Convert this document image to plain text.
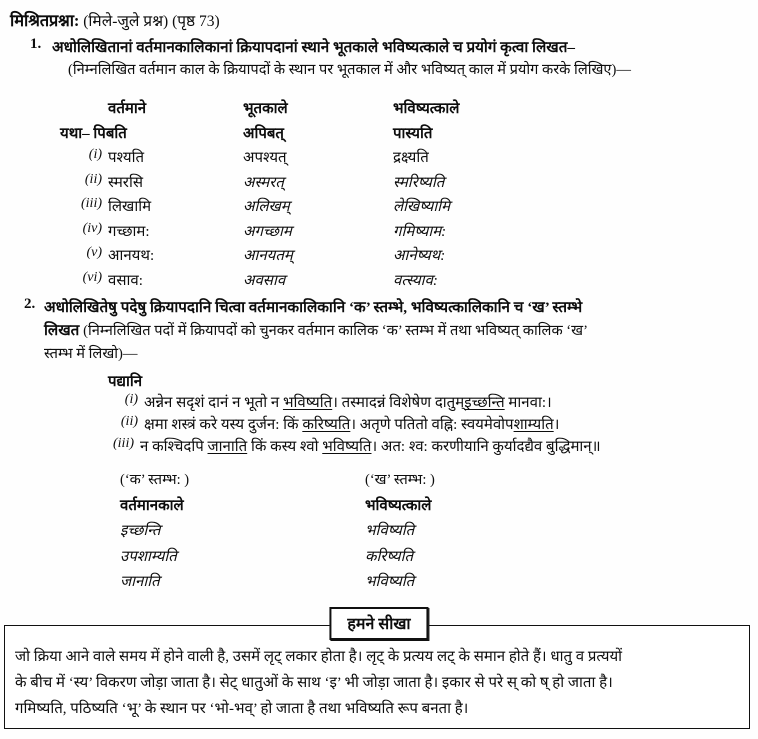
मिश्रितप्रश्ना: (मिले-जुले प्रश्न) (पृष्ठ 73)
1. अधोलिखितानां वर्तमानकालिकानां क्रियापदानां स्थाने भूतकाले भविष्यत्काले च प्रयोगं कृत्वा लिखत–
(निम्नलिखित वर्तमान काल के क्रियापदों के स्थान पर भूतकाल में और भविष्यत् काल में प्रयोग करके लिखिए)—
वर्तमाने	भूतकाले	भविष्यत्काले
यथा– पिबति	अपिबत्	पास्यति
(i) पश्यति	अपश्यत्	द्रक्ष्यति
(ii) स्मरसि	अस्मरत्	स्मरिष्यति
(iii) लिखामि	अलिखम्	लेखिष्यामि
(iv) गच्छाम:	अगच्छाम	गमिष्याम:
(v) आनयथ:	आनयतम्	आनेष्यथ:
(vi) वसाव:	अवसाव	वत्स्याव:
2. अधोलिखितेषु पदेषु क्रियापदानि चित्वा वर्तमानकालिकानि ‘क’ स्तम्भे, भविष्यत्कालिकानि च ‘ख’ स्तम्भे
लिखत (निम्नलिखित पदों में क्रियापदों को चुनकर वर्तमान कालिक ‘क’ स्तम्भ में तथा भविष्यत् कालिक ‘ख’
स्तम्भ में लिखो)—
पद्यानि
(i) अन्नेन सदृशं दानं न भूतो न भविष्यति। तस्मादन्नं विशेषेण दातुम्इच्छन्ति मानवा:।
(ii) क्षमा शस्त्रं करे यस्य दुर्जन: किं करिष्यति। अतृणे पतितो वह्नि: स्वयमेवोपशाम्यति।
(iii) न कश्चिदपि जानाति किं कस्य श्वो भविष्यति। अत: श्व: करणीयानि कुर्यादद्यैव बुद्धिमान्॥
(‘क’ स्तम्भ: )	(‘ख’ स्तम्भ: )
वर्तमानकाले	भविष्यत्काले
इच्छन्ति	भविष्यति
उपशाम्यति	करिष्यति
जानाति	भविष्यति
हमने सीखा

जो क्रिया आने वाले समय में होने वाली है, उसमें लृट् लकार होता है। लृट् के प्रत्यय लट् के समान होते हैं। धातु व प्रत्ययों

के बीच में ‘स्य’ विकरण जोड़ा जाता है। सेट् धातुओं के साथ ‘इ’ भी जोड़ा जाता है। इकार से परे स् को ष् हो जाता है।

गमिष्यति, पठिष्यति ‘भू’ के स्थान पर ‘भो-भव्’ हो जाता है तथा भविष्यति रूप बनता है।
